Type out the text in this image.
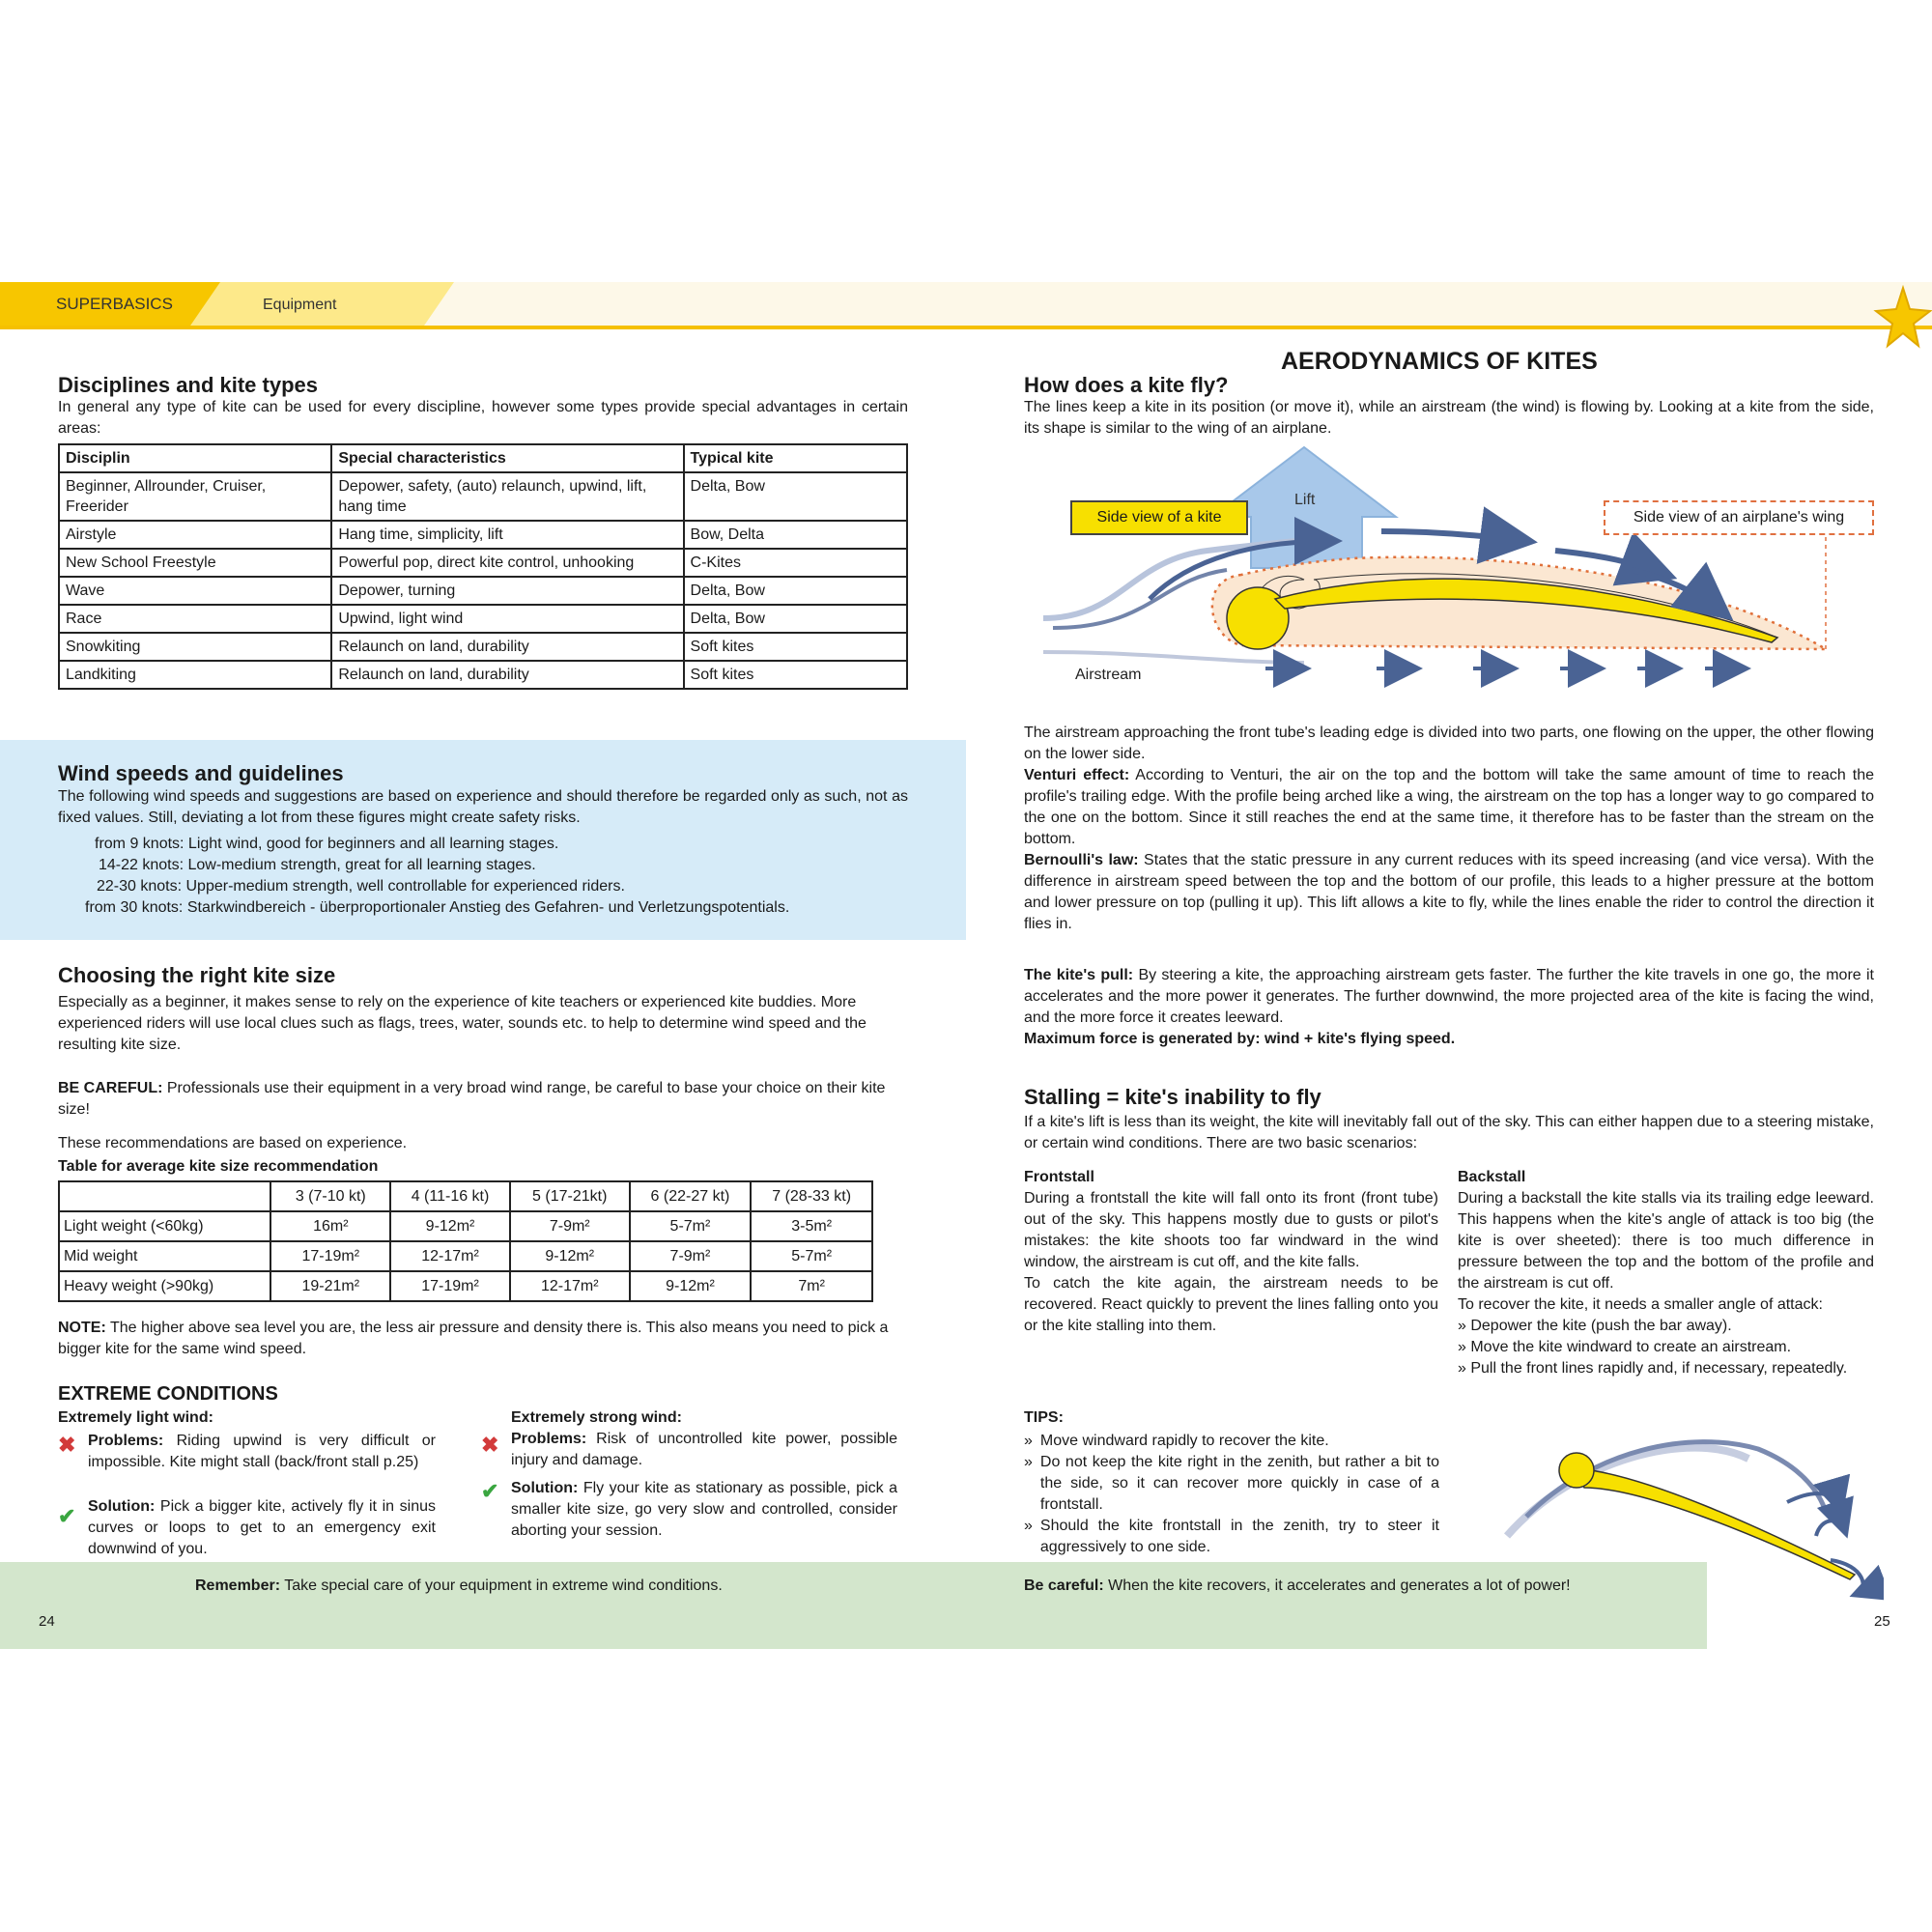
SUPERBASICS	Equipment
Disciplines and kite types

In general any type of kite can be used for every discipline, however some types provide special advantages in certain areas:

Disciplin	Special characteristics	Typical kite
Beginner, Allrounder, Cruiser, Freerider	Depower, safety, (auto) relaunch, upwind, lift, hang time	Delta, Bow
Airstyle	Hang time, simplicity, lift	Bow, Delta
New School Freestyle	Powerful pop, direct kite control, unhooking	C-Kites
Wave	Depower, turning	Delta, Bow
Race	Upwind, light wind	Delta, Bow
Snowkiting	Relaunch on land, durability	Soft kites
Landkiting	Relaunch on land, durability	Soft kites
Wind speeds and guidelines

The following wind speeds and suggestions are based on experience and should therefore be regarded only as such, not as fixed values. Still, deviating a lot from these figures might create safety risks.

from 9 knots: Light wind, good for beginners and all learning stages.
14-22 knots: Low-medium strength, great for all learning stages.
22-30 knots: Upper-medium strength, well controllable for experienced riders.
from 30 knots: Starkwindbereich - überproportionaler Anstieg des Gefahren- und Verletzungspotentials.
Choosing the right kite size

Especially as a beginner, it makes sense to rely on the experience of kite teachers or experienced kite buddies. More experienced riders will use local clues such as flags, trees, water, sounds etc. to help to determine wind speed and the resulting kite size.

BE CAREFUL: Professionals use their equipment in a very broad wind range, be careful to base your choice on their kite size!

These recommendations are based on experience.

Table for average kite size recommendation

	3 (7-10 kt)	4 (11-16 kt)	5 (17-21kt)	6 (22-27 kt)	7 (28-33 kt)
Light weight (<60kg)	16m²	9-12m²	7-9m²	5-7m²	3-5m²
Mid weight	17-19m²	12-17m²	9-12m²	7-9m²	5-7m²
Heavy weight (>90kg)	19-21m²	17-19m²	12-17m²	9-12m²	7m²

NOTE: The higher above sea level you are, the less air pressure and density there is. This also means you need to pick a bigger kite for the same wind speed.

EXTREME CONDITIONS

Extremely light wind:

✖ Problems: Riding upwind is very difficult or impossible. Kite might stall (back/front stall p.25)

✔ Solution: Pick a bigger kite, actively fly it in sinus curves or loops to get to an emergency exit downwind of you.

Extremely strong wind:

✖ Problems: Risk of uncontrolled kite power, possible injury and damage.

✔ Solution: Fly your kite as stationary as possible, pick a smaller kite size, go very slow and controlled, consider aborting your session.

Remember: Take special care of your equipment in extreme wind conditions.	Be careful: When the kite recovers, it accelerates and generates a lot of power!

24	25
AERODYNAMICS OF KITES
How does a kite fly?

The lines keep a kite in its position (or move it), while an airstream (the wind) is flowing by. Looking at a kite from the side, its shape is similar to the wing of an airplane.

Lift
Airstream
Side view of a kite	Side view of an airplane's wing

The airstream approaching the front tube's leading edge is divided into two parts, one flowing on the upper, the other flowing on the lower side.

Venturi effect: According to Venturi, the air on the top and the bottom will take the same amount of time to reach the profile's trailing edge. With the profile being arched like a wing, the airstream on the top has a longer way to go compared to the one on the bottom. Since it still reaches the end at the same time, it therefore has to be faster than the stream on the bottom.

Bernoulli's law: States that the static pressure in any current reduces with its speed increasing (and vice versa). With the difference in airstream speed between the top and the bottom of our profile, this leads to a higher pressure at the bottom and lower pressure on top (pulling it up). This lift allows a kite to fly, while the lines enable the rider to control the direction it flies in.

The kite's pull: By steering a kite, the approaching airstream gets faster. The further the kite travels in one go, the more it accelerates and the more power it generates. The further downwind, the more projected area of the kite is facing the wind, and the more force it creates leeward.

Maximum force is generated by: wind + kite's flying speed.

Stalling = kite's inability to fly

If a kite's lift is less than its weight, the kite will inevitably fall out of the sky. This can either happen due to a steering mistake, or certain wind conditions. There are two basic scenarios:

Frontstall

During a frontstall the kite will fall onto its front (front tube) out of the sky. This happens mostly due to gusts or pilot's mistakes: the kite shoots too far windward in the wind window, the airstream is cut off, and the kite falls.

To catch the kite again, the airstream needs to be recovered. React quickly to prevent the lines falling onto you or the kite stalling into them.

Backstall

During a backstall the kite stalls via its trailing edge leeward. This happens when the kite's angle of attack is too big (the kite is over sheeted): there is too much difference in pressure between the top and the bottom of the profile and the airstream is cut off.

To recover the kite, it needs a smaller angle of attack:

» Depower the kite (push the bar away).

» Move the kite windward to create an airstream.

» Pull the front lines rapidly and, if necessary, repeatedly.

TIPS:

» Move windward rapidly to recover the kite.
» Do not keep the kite right in the zenith, but rather a bit to the side, so it can recover more quickly in case of a frontstall.
» Should the kite frontstall in the zenith, try to steer it aggressively to one side.
